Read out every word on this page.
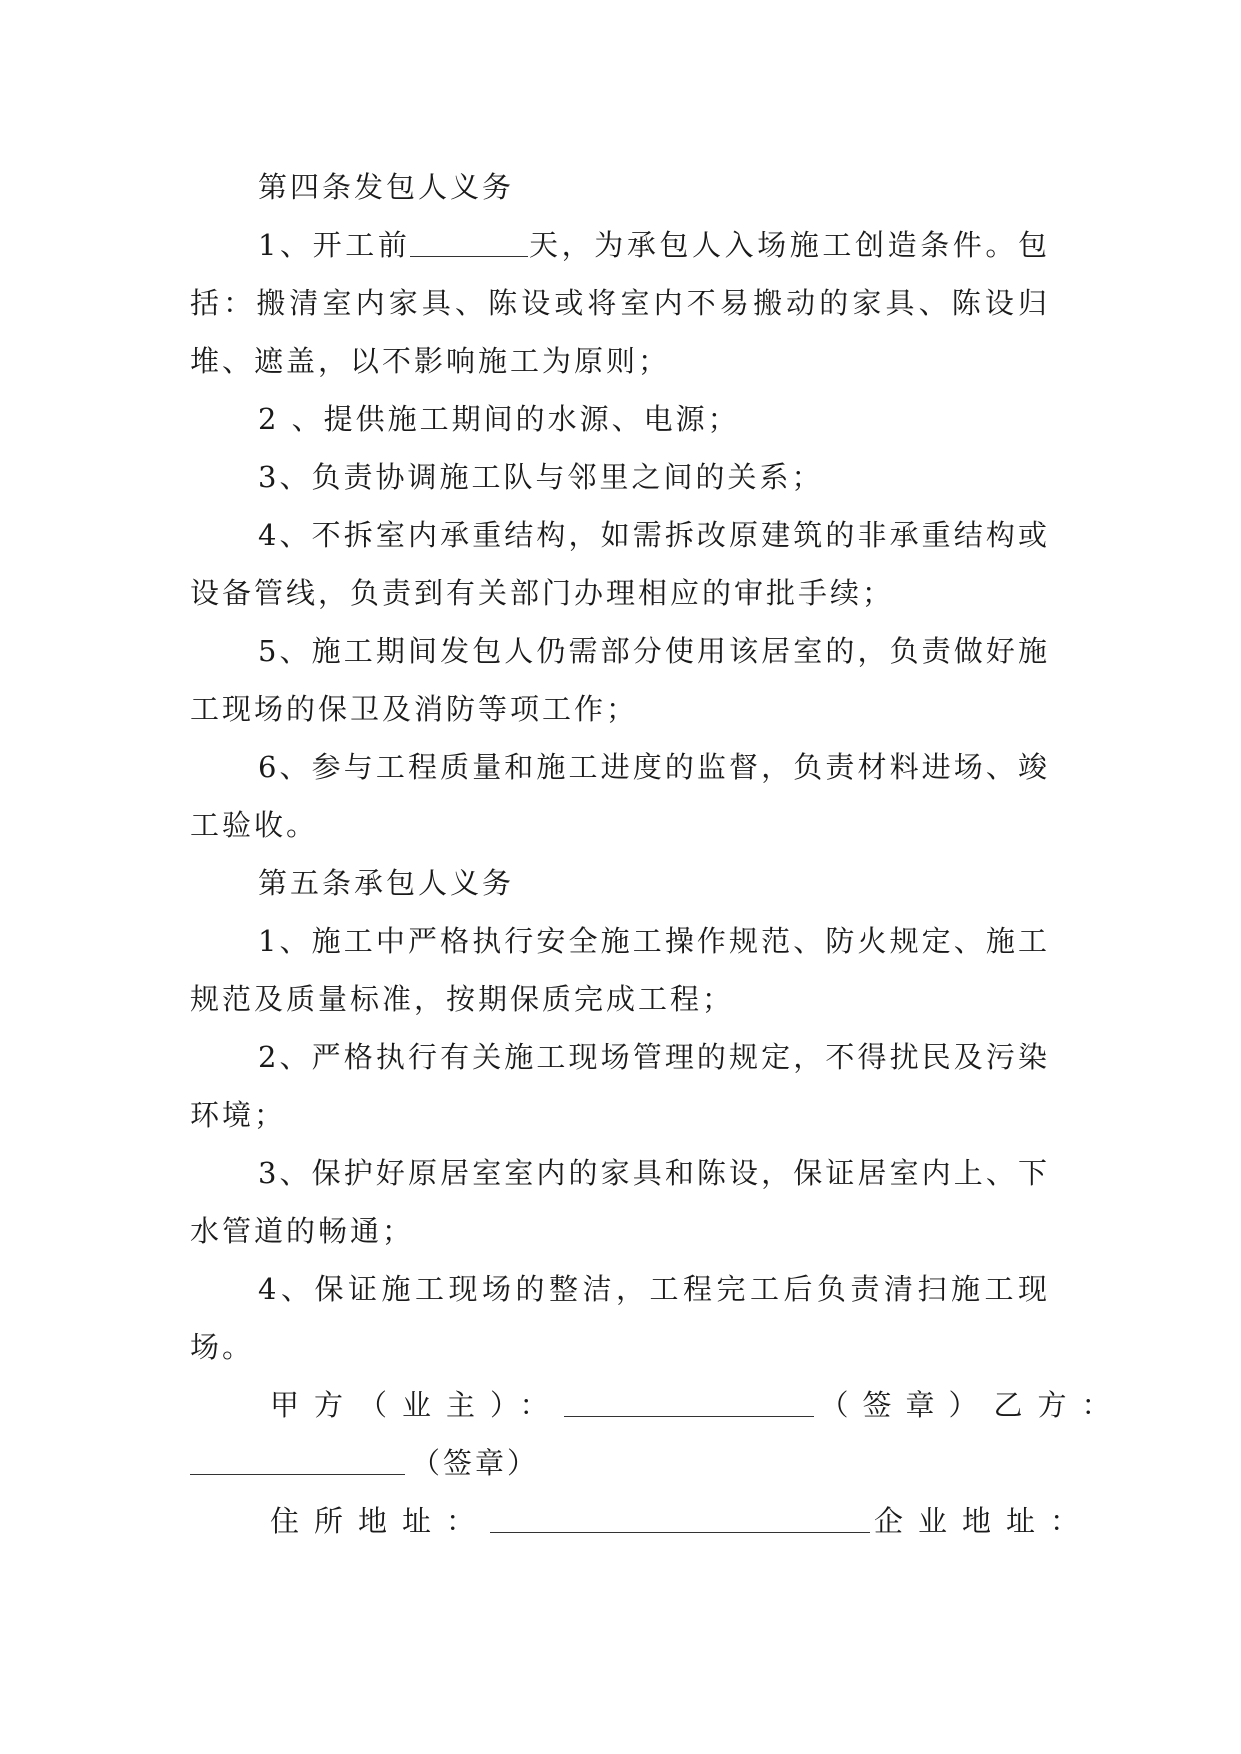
第四条发包人义务

1、开工前	天，为承包人入场施工创造条件。包括：搬清室内家具、陈设或将室内不易搬动的家具、陈设归堆、遮盖，以不影响施工为原则；

2 、提供施工期间的水源、电源；

3、负责协调施工队与邻里之间的关系；

4、不拆室内承重结构，如需拆改原建筑的非承重结构或设备管线，负责到有关部门办理相应的审批手续；

5、施工期间发包人仍需部分使用该居室的，负责做好施工现场的保卫及消防等项工作；

6、参与工程质量和施工进度的监督，负责材料进场、竣工验收。

第五条承包人义务

1、施工中严格执行安全施工操作规范、防火规定、施工规范及质量标准，按期保质完成工程；

2、严格执行有关施工现场管理的规定，不得扰民及污染环境；

3、保护好原居室室内的家具和陈设，保证居室内上、下水管道的畅通；

4、保证施工现场的整洁，工程完工后负责清扫施工现场。

甲方（业主）：	（签章）乙方：

（签章）

住所地址：	企业地址：
